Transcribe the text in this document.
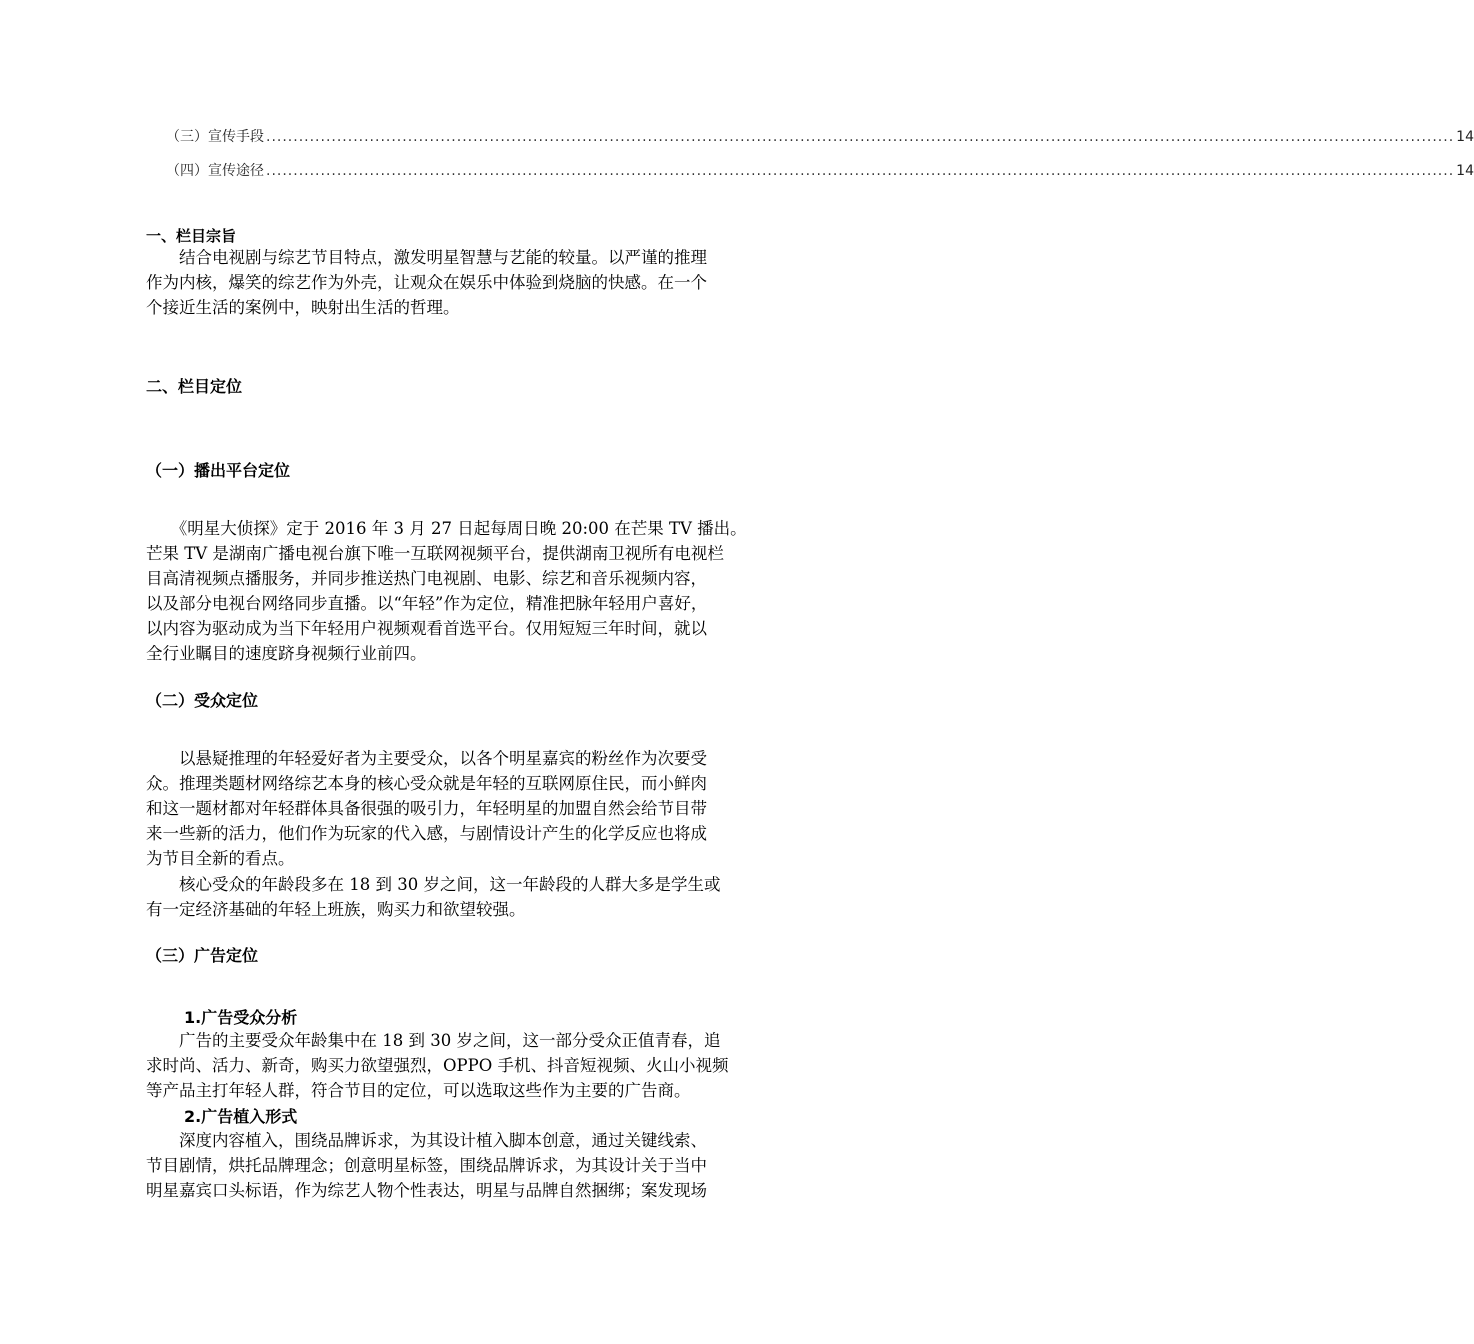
（三）宣传手段 .......................................................................................................................................................................................................................... 14
（四）宣传途径 .......................................................................................................................................................................................................................... 14
一、栏目宗旨
　　结合电视剧与综艺节目特点，激发明星智慧与艺能的较量。以严谨的推理
作为内核，爆笑的综艺作为外壳，让观众在娱乐中体验到烧脑的快感。在一个
个接近生活的案例中，映射出生活的哲理。
二、栏目定位
（一）播出平台定位
　　《明星大侦探》定于 2016 年 3 月 27 日起每周日晚 20:00 在芒果 TV 播出。
芒果 TV 是湖南广播电视台旗下唯一互联网视频平台，提供湖南卫视所有电视栏
目高清视频点播服务，并同步推送热门电视剧、电影、综艺和音乐视频内容，
以及部分电视台网络同步直播。以“年轻”作为定位，精准把脉年轻用户喜好，
以内容为驱动成为当下年轻用户视频观看首选平台。仅用短短三年时间，就以
全行业瞩目的速度跻身视频行业前四。
（二）受众定位
　　以悬疑推理的年轻爱好者为主要受众，以各个明星嘉宾的粉丝作为次要受
众。推理类题材网络综艺本身的核心受众就是年轻的互联网原住民，而小鲜肉
和这一题材都对年轻群体具备很强的吸引力，年轻明星的加盟自然会给节目带
来一些新的活力，他们作为玩家的代入感，与剧情设计产生的化学反应也将成
为节目全新的看点。
　　核心受众的年龄段多在 18 到 30 岁之间，这一年龄段的人群大多是学生或
有一定经济基础的年轻上班族，购买力和欲望较强。
（三）广告定位
1.广告受众分析
　　广告的主要受众年龄集中在 18 到 30 岁之间，这一部分受众正值青春，追
求时尚、活力、新奇，购买力欲望强烈，OPPO 手机、抖音短视频、火山小视频
等产品主打年轻人群，符合节目的定位，可以选取这些作为主要的广告商。
2.广告植入形式
　　深度内容植入，围绕品牌诉求，为其设计植入脚本创意，通过关键线索、
节目剧情，烘托品牌理念；创意明星标签，围绕品牌诉求，为其设计关于当中
明星嘉宾口头标语，作为综艺人物个性表达，明星与品牌自然捆绑；案发现场
